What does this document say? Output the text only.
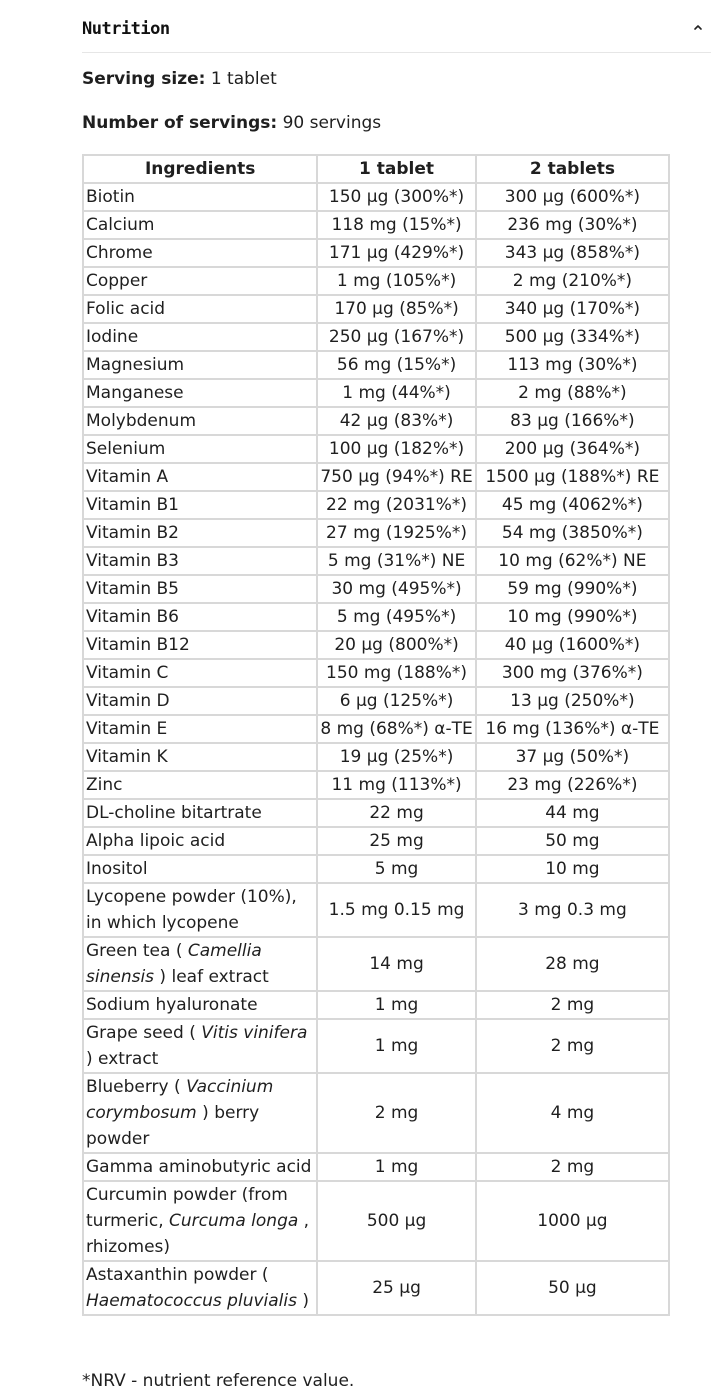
Nutrition
Serving size: 1 tablet
Number of servings: 90 servings
Ingredients	1 tablet	2 tablets
Biotin	150 µg (300%*)	300 µg (600%*)
Calcium	118 mg (15%*)	236 mg (30%*)
Chrome	171 µg (429%*)	343 µg (858%*)
Copper	1 mg (105%*)	2 mg (210%*)
Folic acid	170 µg (85%*)	340 µg (170%*)
Iodine	250 µg (167%*)	500 µg (334%*)
Magnesium	56 mg (15%*)	113 mg (30%*)
Manganese	1 mg (44%*)	2 mg (88%*)
Molybdenum	42 µg (83%*)	83 µg (166%*)
Selenium	100 µg (182%*)	200 µg (364%*)
Vitamin A	750 µg (94%*) RE	1500 µg (188%*) RE
Vitamin B1	22 mg (2031%*)	45 mg (4062%*)
Vitamin B2	27 mg (1925%*)	54 mg (3850%*)
Vitamin B3	5 mg (31%*) NE	10 mg (62%*) NE
Vitamin B5	30 mg (495%*)	59 mg (990%*)
Vitamin B6	5 mg (495%*)	10 mg (990%*)
Vitamin B12	20 µg (800%*)	40 µg (1600%*)
Vitamin C	150 mg (188%*)	300 mg (376%*)
Vitamin D	6 µg (125%*)	13 µg (250%*)
Vitamin E	8 mg (68%*) α-TE	16 mg (136%*) α-TE
Vitamin K	19 µg (25%*)	37 µg (50%*)
Zinc	11 mg (113%*)	23 mg (226%*)
DL-choline bitartrate	22 mg	44 mg
Alpha lipoic acid	25 mg	50 mg
Inositol	5 mg	10 mg
Lycopene powder (10%), in which lycopene	1.5 mg 0.15 mg	3 mg 0.3 mg
Green tea ( Camellia sinensis ) leaf extract	14 mg	28 mg
Sodium hyaluronate	1 mg	2 mg
Grape seed ( Vitis vinifera ) extract	1 mg	2 mg
Blueberry ( Vaccinium corymbosum ) berry powder	2 mg	4 mg
Gamma aminobutyric acid	1 mg	2 mg
Curcumin powder (from turmeric, Curcuma longa , rhizomes)	500 µg	1000 µg
Astaxanthin powder ( Haematococcus pluvialis )	25 µg	50 µg
*NRV - nutrient reference value.
